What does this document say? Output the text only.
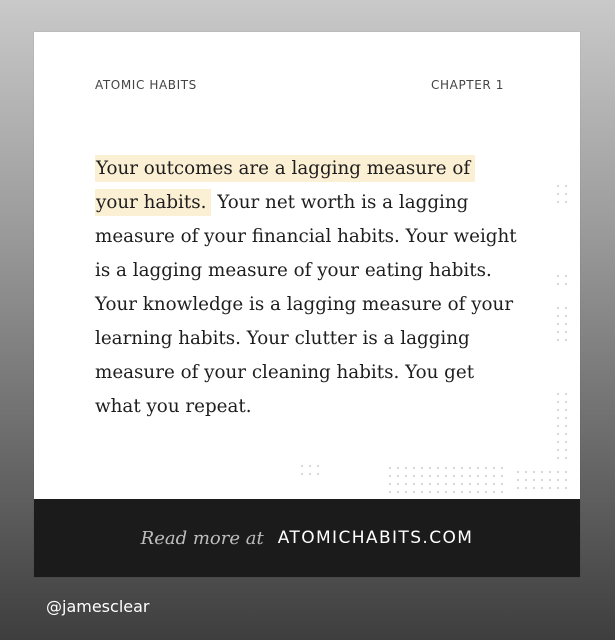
ATOMIC HABITS	CHAPTER 1

Your outcomes are a lagging measure of
your habits. Your net worth is a lagging measure of your financial habits. Your weight is a lagging measure of your eating habits. Your knowledge is a lagging measure of your learning habits. Your clutter is a lagging measure of your cleaning habits. You get what you repeat.

Read more at ATOMICHABITS.COM
@jamesclear
